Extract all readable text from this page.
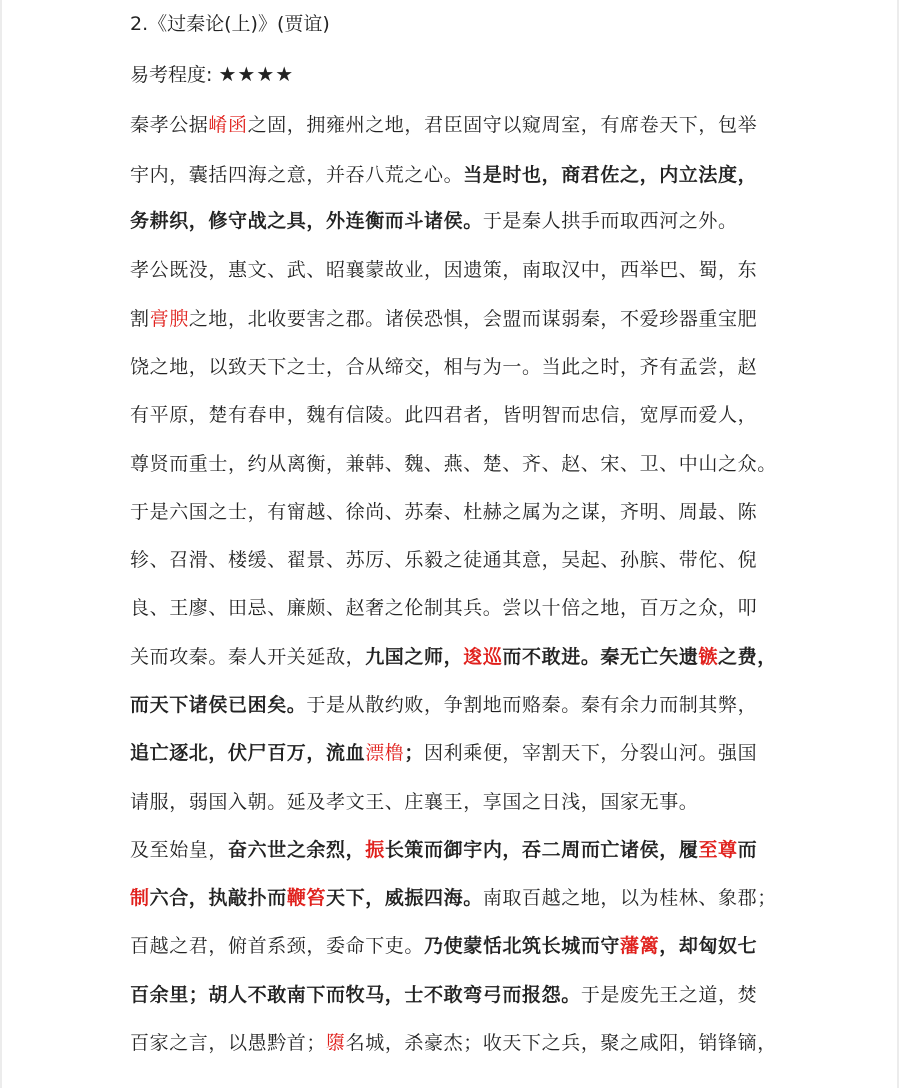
2.《过秦论(上)》(贾谊)
易考程度: ★★★★
秦孝公据崤函之固，拥雍州之地，君臣固守以窥周室，有席卷天下，包举
宇内，囊括四海之意，并吞八荒之心。当是时也，商君佐之，内立法度，
务耕织，修守战之具，外连衡而斗诸侯。于是秦人拱手而取西河之外。
孝公既没，惠文、武、昭襄蒙故业，因遗策，南取汉中，西举巴、蜀，东
割膏腴之地，北收要害之郡。诸侯恐惧，会盟而谋弱秦，不爱珍器重宝肥
饶之地，以致天下之士，合从缔交，相与为一。当此之时，齐有孟尝，赵
有平原，楚有春申，魏有信陵。此四君者，皆明智而忠信，宽厚而爱人，
尊贤而重士，约从离衡，兼韩、魏、燕、楚、齐、赵、宋、卫、中山之众。
于是六国之士，有甯越、徐尚、苏秦、杜赫之属为之谋，齐明、周最、陈
轸、召滑、楼缓、翟景、苏厉、乐毅之徒通其意，吴起、孙膑、带佗、倪
良、王廖、田忌、廉颇、赵奢之伦制其兵。尝以十倍之地，百万之众，叩
关而攻秦。秦人开关延敌，九国之师，逡巡而不敢进。秦无亡矢遗镞之费，
而天下诸侯已困矣。于是从散约败，争割地而赂秦。秦有余力而制其弊，
追亡逐北，伏尸百万，流血漂橹；因利乘便，宰割天下，分裂山河。强国
请服，弱国入朝。延及孝文王、庄襄王，享国之日浅，国家无事。
及至始皇，奋六世之余烈，振长策而御宇内，吞二周而亡诸侯，履至尊而
制六合，执敲扑而鞭笞天下，威振四海。南取百越之地，以为桂林、象郡；
百越之君，俯首系颈，委命下吏。乃使蒙恬北筑长城而守藩篱，却匈奴七
百余里；胡人不敢南下而牧马，士不敢弯弓而报怨。于是废先王之道，焚
百家之言，以愚黔首；隳名城，杀豪杰；收天下之兵，聚之咸阳，销锋镝，
